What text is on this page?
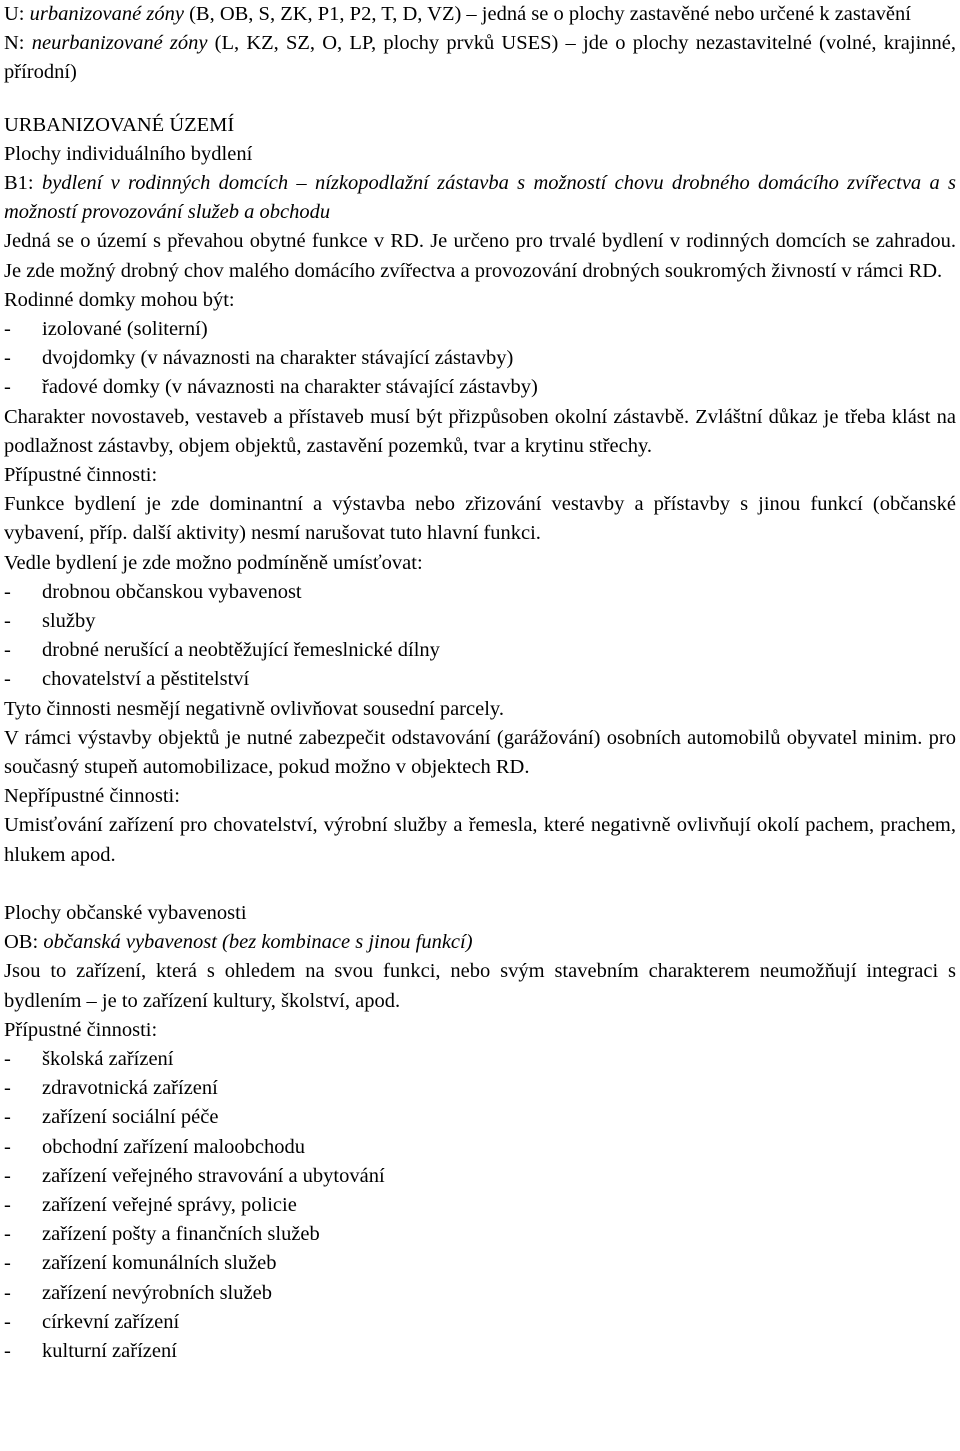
U: urbanizované zóny (B, OB, S, ZK, P1, P2, T, D, VZ) – jedná se o plochy zastavěné nebo určené k zastavění

N: neurbanizované zóny (L, KZ, SZ, O, LP, plochy prvků USES) – jde o plochy nezastavitelné (volné, krajinné, přírodní)

URBANIZOVANÉ ÚZEMÍ

Plochy individuálního bydlení

B1: bydlení v rodinných domcích – nízkopodlažní zástavba s možností chovu drobného domácího zvířectva a s možností provozování služeb a obchodu

Jedná se o území s převahou obytné funkce v RD. Je určeno pro trvalé bydlení v rodinných domcích se zahradou. Je zde možný drobný chov malého domácího zvířectva a provozování drobných soukromých živností v rámci RD.

Rodinné domky mohou být:

-	izolované (soliterní)
-	dvojdomky (v návaznosti na charakter stávající zástavby)
-	řadové domky (v návaznosti na charakter stávající zástavby)

Charakter novostaveb, vestaveb a přístaveb musí být přizpůsoben okolní zástavbě. Zvláštní důkaz je třeba klást na podlažnost zástavby, objem objektů, zastavění pozemků, tvar a krytinu střechy.

Přípustné činnosti:

Funkce bydlení je zde dominantní a výstavba nebo zřizování vestavby a přístavby s jinou funkcí (občanské vybavení, příp. další aktivity) nesmí narušovat tuto hlavní funkci.

Vedle bydlení je zde možno podmíněně umísťovat:

-	drobnou občanskou vybavenost
-	služby
-	drobné nerušící a neobtěžující řemeslnické dílny
-	chovatelství a pěstitelství

Tyto činnosti nesmějí negativně ovlivňovat sousední parcely.

V rámci výstavby objektů je nutné zabezpečit odstavování (garážování) osobních automobilů obyvatel minim. pro současný stupeň automobilizace, pokud možno v objektech RD.

Nepřípustné činnosti:

Umisťování zařízení pro chovatelství, výrobní služby a řemesla, které negativně ovlivňují okolí pachem, prachem, hlukem apod.

Plochy občanské vybavenosti

OB: občanská vybavenost (bez kombinace s jinou funkcí)

Jsou to zařízení, která s ohledem na svou funkci, nebo svým stavebním charakterem neumožňují integraci s bydlením – je to zařízení kultury, školství, apod.

Přípustné činnosti:

-	školská zařízení
-	zdravotnická zařízení
-	zařízení sociální péče
-	obchodní zařízení maloobchodu
-	zařízení veřejného stravování a ubytování
-	zařízení veřejné správy, policie
-	zařízení pošty a finančních služeb
-	zařízení komunálních služeb
-	zařízení nevýrobních služeb
-	církevní zařízení
-	kulturní zařízení
